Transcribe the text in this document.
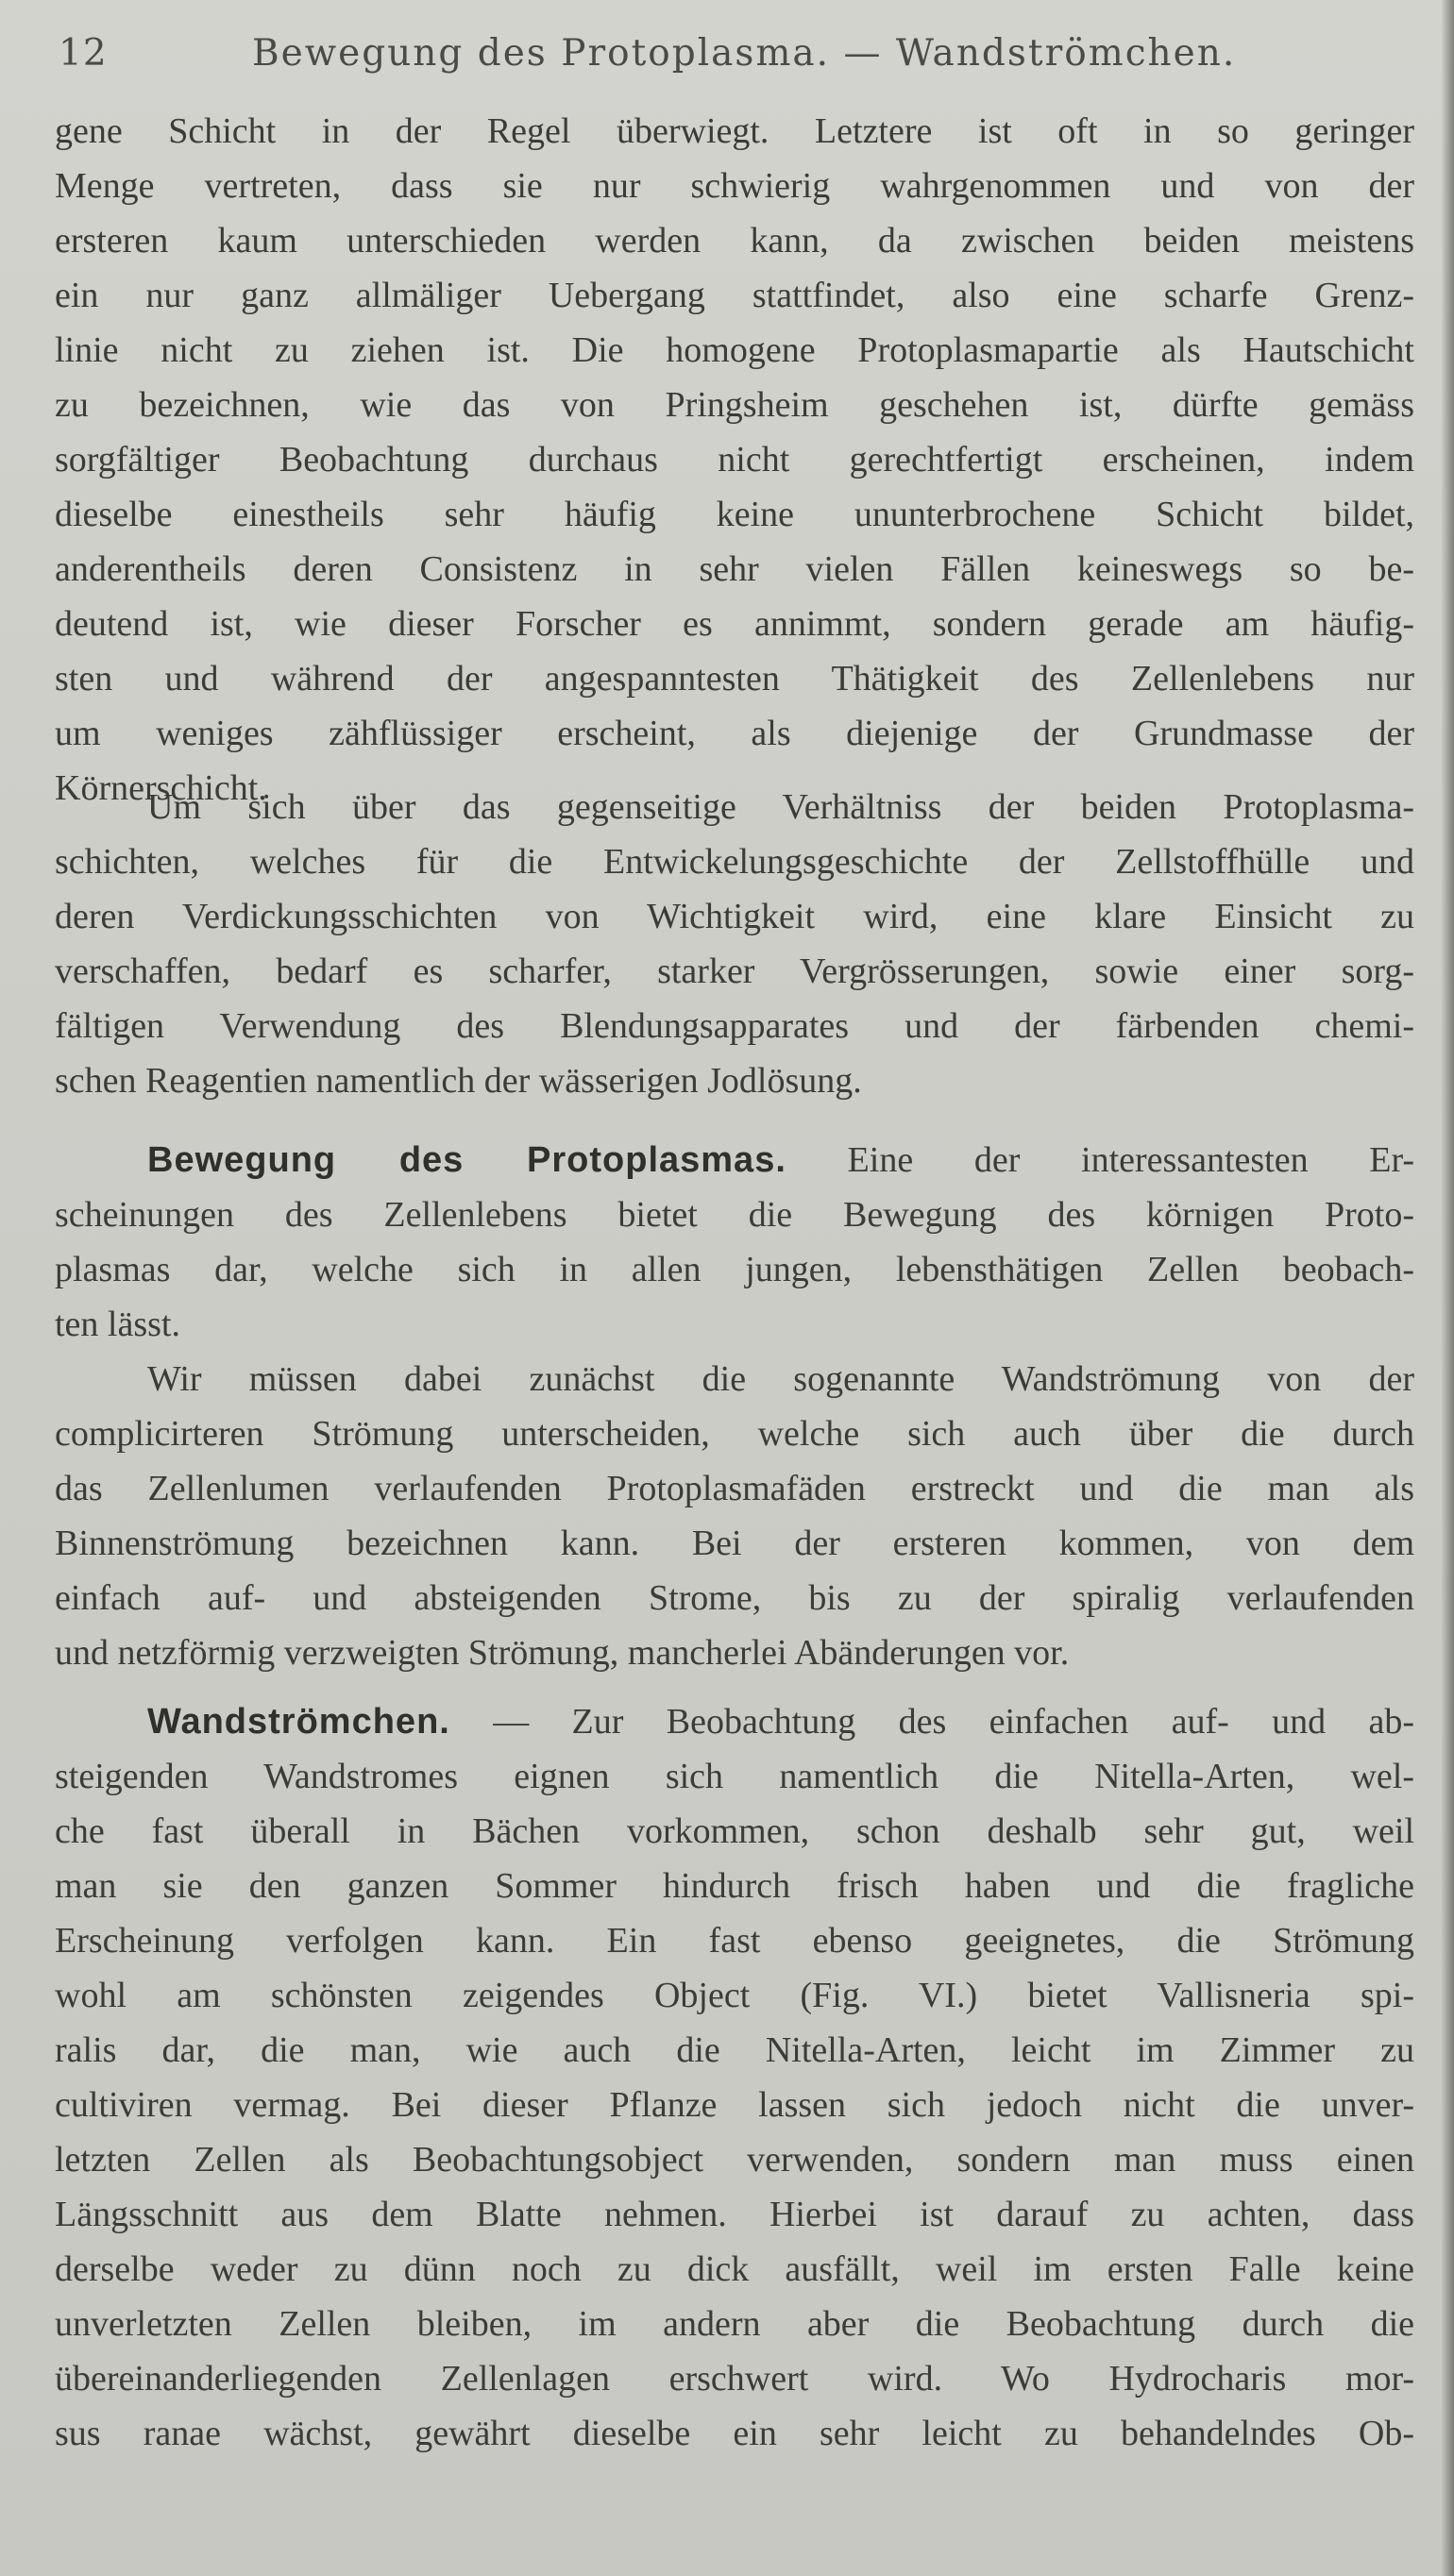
12	Bewegung des Protoplasma. — Wandströmchen.
gene Schicht in der Regel überwiegt. Letztere ist oft in so geringer
Menge vertreten, dass sie nur schwierig wahrgenommen und von der
ersteren kaum unterschieden werden kann, da zwischen beiden meistens
ein nur ganz allmäliger Uebergang stattfindet, also eine scharfe Grenz-
linie nicht zu ziehen ist. Die homogene Protoplasmapartie als Hautschicht
zu bezeichnen, wie das von Pringsheim geschehen ist, dürfte gemäss
sorgfältiger Beobachtung durchaus nicht gerechtfertigt erscheinen, indem
dieselbe einestheils sehr häufig keine ununterbrochene Schicht bildet,
anderentheils deren Consistenz in sehr vielen Fällen keineswegs so be-
deutend ist, wie dieser Forscher es annimmt, sondern gerade am häufig-
sten und während der angespanntesten Thätigkeit des Zellenlebens nur
um weniges zähflüssiger erscheint, als diejenige der Grundmasse der
Körnerschicht.
Um sich über das gegenseitige Verhältniss der beiden Protoplasma-
schichten, welches für die Entwickelungsgeschichte der Zellstoffhülle und
deren Verdickungsschichten von Wichtigkeit wird, eine klare Einsicht zu
verschaffen, bedarf es scharfer, starker Vergrösserungen, sowie einer sorg-
fältigen Verwendung des Blendungsapparates und der färbenden chemi-
schen Reagentien namentlich der wässerigen Jodlösung.
Bewegung des Protoplasmas. Eine der interessantesten Er-
scheinungen des Zellenlebens bietet die Bewegung des körnigen Proto-
plasmas dar, welche sich in allen jungen, lebensthätigen Zellen beobach-
ten lässt.
Wir müssen dabei zunächst die sogenannte Wandströmung von der
complicirteren Strömung unterscheiden, welche sich auch über die durch
das Zellenlumen verlaufenden Protoplasmafäden erstreckt und die man als
Binnenströmung bezeichnen kann. Bei der ersteren kommen, von dem
einfach auf- und absteigenden Strome, bis zu der spiralig verlaufenden
und netzförmig verzweigten Strömung, mancherlei Abänderungen vor.
Wandströmchen. — Zur Beobachtung des einfachen auf- und ab-
steigenden Wandstromes eignen sich namentlich die Nitella-Arten, wel-
che fast überall in Bächen vorkommen, schon deshalb sehr gut, weil
man sie den ganzen Sommer hindurch frisch haben und die fragliche
Erscheinung verfolgen kann. Ein fast ebenso geeignetes, die Strömung
wohl am schönsten zeigendes Object (Fig. VI.) bietet Vallisneria spi-
ralis dar, die man, wie auch die Nitella-Arten, leicht im Zimmer zu
cultiviren vermag. Bei dieser Pflanze lassen sich jedoch nicht die unver-
letzten Zellen als Beobachtungsobject verwenden, sondern man muss einen
Längsschnitt aus dem Blatte nehmen. Hierbei ist darauf zu achten, dass
derselbe weder zu dünn noch zu dick ausfällt, weil im ersten Falle keine
unverletzten Zellen bleiben, im andern aber die Beobachtung durch die
übereinanderliegenden Zellenlagen erschwert wird. Wo Hydrocharis mor-
sus ranae wächst, gewährt dieselbe ein sehr leicht zu behandelndes Ob-
